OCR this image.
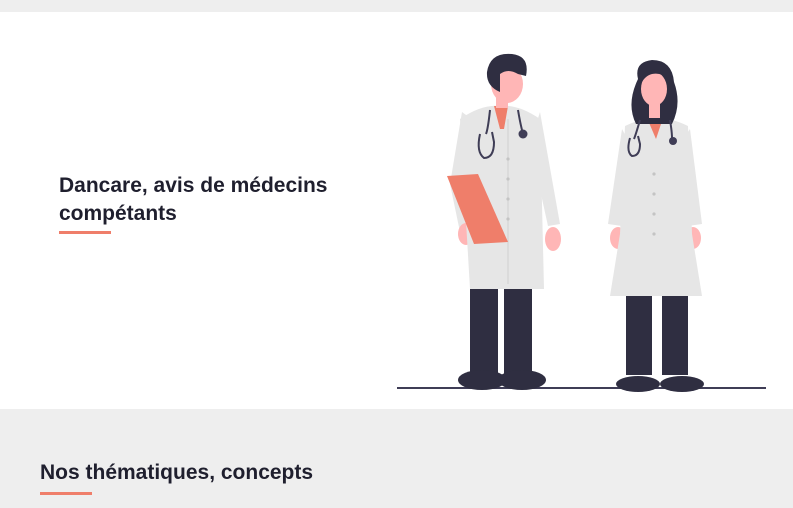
Dancare, avis de médecins compétants
Nos thématiques, concepts
